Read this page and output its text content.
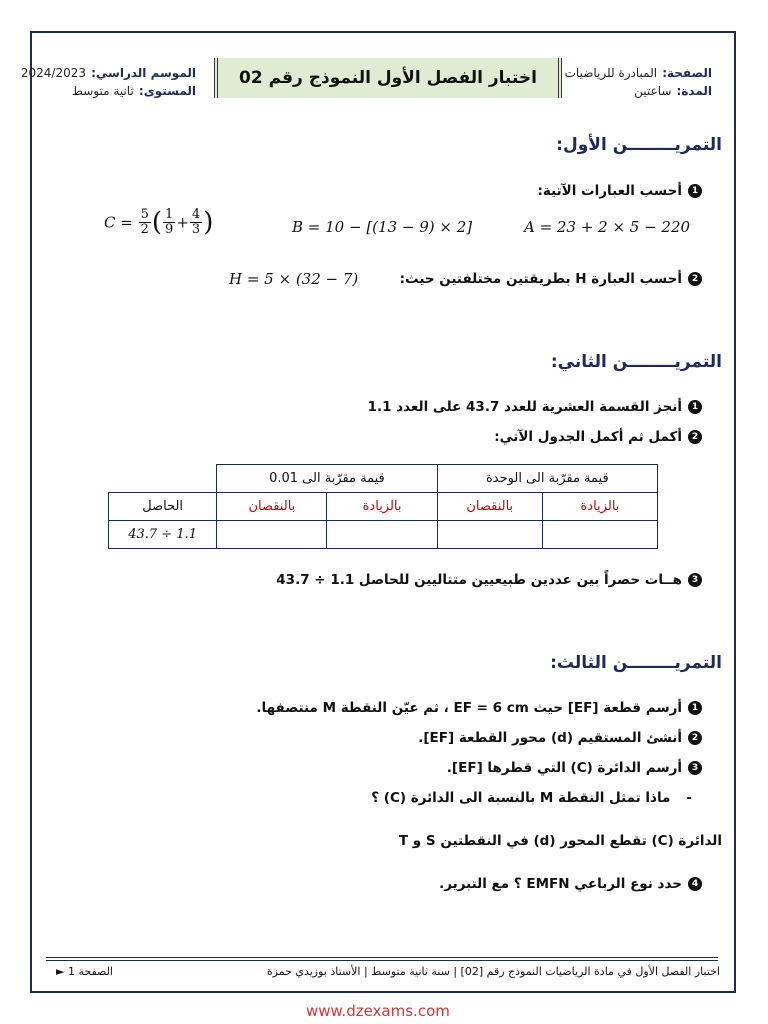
الصفحة: المبادرة للرياضيات
المدة: ساعتين
اختبار الفصل الأول النموذج رقم 02
الموسم الدراسي: 2024/2023
المستوى: ثانية متوسط
التمريــــــــن الأول:
1أحسب العبارات الآتية:
A = 23 + 2 × 5 − 220
B = 10 − [(13 − 9) × 2]
$C = \frac{5}{2}$ ( $\frac{1}{9} + \frac{4}{3}$ )
2أحسب العبارة H بطريقتين مختلفتين حيث:
H = 5 × (32 − 7)
التمريــــــــن الثاني:
1أنجز القسمة العشرية للعدد 43.7 على العدد 1.1
2أكمل ثم أكمل الجدول الآتي:
قيمة مقرّبة الى الوحدة		قيمة مقرّبة الى 0.01		
بالزيادة	بالنقصان	بالزيادة	بالنقصان	الحاصل
				43.7 ÷ 1.1
3هــات حصراً بين عددين طبيعيين متتاليين للحاصل 1.1 ÷ 43.7
التمريــــــــن الثالث:
1أرسم قطعة [EF] حيث EF = 6 cm ، ثم عيّن النقطة M منتصفها.
2أنشئ المستقيم (d) محور القطعة [EF].
3أرسم الدائرة (C) التي قطرها [EF].
-ماذا تمثل النقطة M بالنسبة الى الدائرة (C) ؟
الدائرة (C) تقطع المحور (d) في النقطتين S و T
4حدد نوع الرباعي EMFN ؟ مع التبرير.
اختبار الفصل الأول في مادة الرياضيات النموذج رقم [02] | سنة ثانية متوسط | الأستاذ بوزيدي حمزة
الصفحة 1 ►
www.dzexams.com
